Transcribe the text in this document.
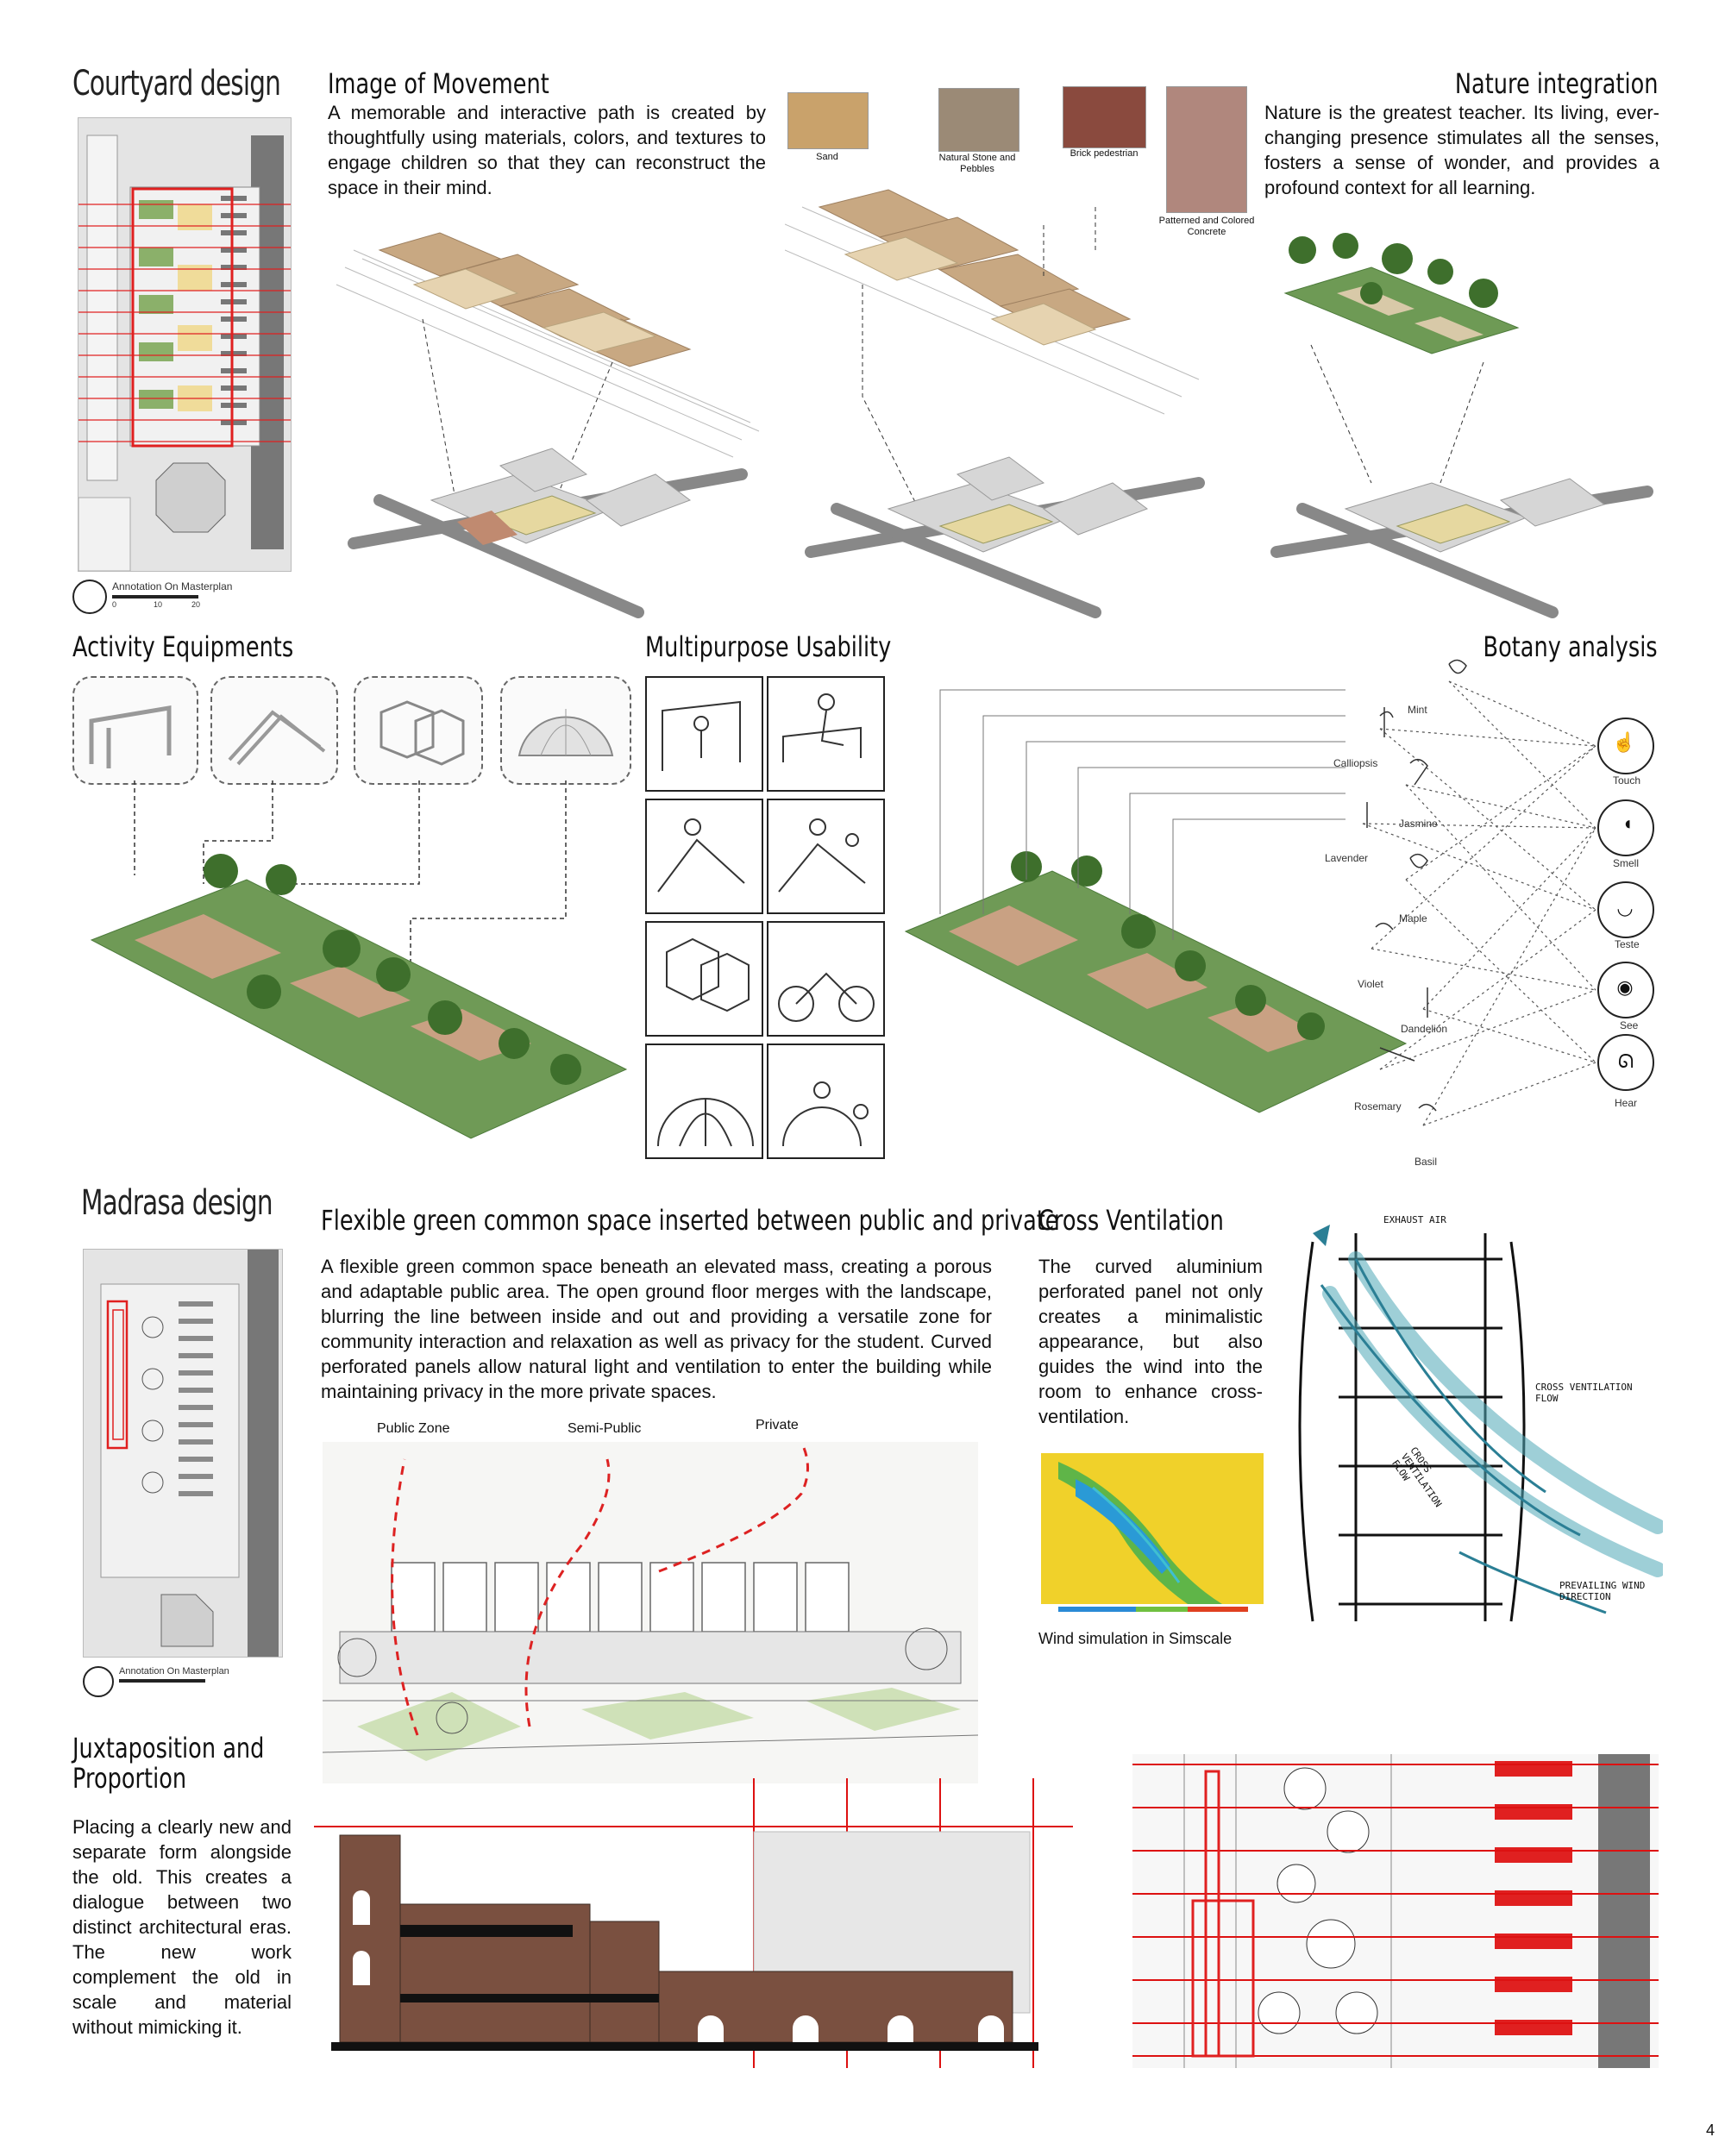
Courtyard design
Annotation On Masterplan
0	10	20
Image of Movement
A memorable and interactive path is created by thoughtfully using materials, colors, and textures to engage children so that they can reconstruct the space in their mind.
Sand	Natural Stone and Pebbles
Brick pedestrian
Patterned and Colored Concrete
Nature integration
Nature is the greatest teacher. Its living, ever-changing presence stimulates all the senses, fosters a sense of wonder, and provides a profound context for all learning.
Activity Equipments	Multipurpose Usability	Botany analysis
Mint
Calliopsis
Jasmine
Lavender
Maple
Violet
Dandelion
Rosemary
Basil
☝
Touch
◖
Smell
◡
Teste
◉
See
ᘏ
Hear
Madrasa design
Annotation On Masterplan
Flexible green common space inserted between public and private
A flexible green common space beneath an elevated mass, creating a porous and adaptable public area. The open ground floor merges with the landscape, blurring the line between inside and out and providing a versatile zone for community interaction and relaxation as well as privacy for the student. Curved perforated panels allow natural light and ventilation to enter the building while maintaining privacy in the more private spaces.
Public Zone	Semi-Public	Private
Cross Ventilation
The curved aluminium perforated panel not only creates a minimalistic appearance, but also guides the wind into the room to enhance cross-ventilation.
Wind simulation in Simscale
EXHAUST AIR
CROSS VENTILATION FLOW
CROSS VENTILATION FLOW
PREVAILING WIND DIRECTION
Juxtaposition and
Proportion
Placing a clearly new and separate form alongside the old. This creates a dialogue between two distinct architectural eras. The new work complement the old in scale and material without mimicking it.
4
